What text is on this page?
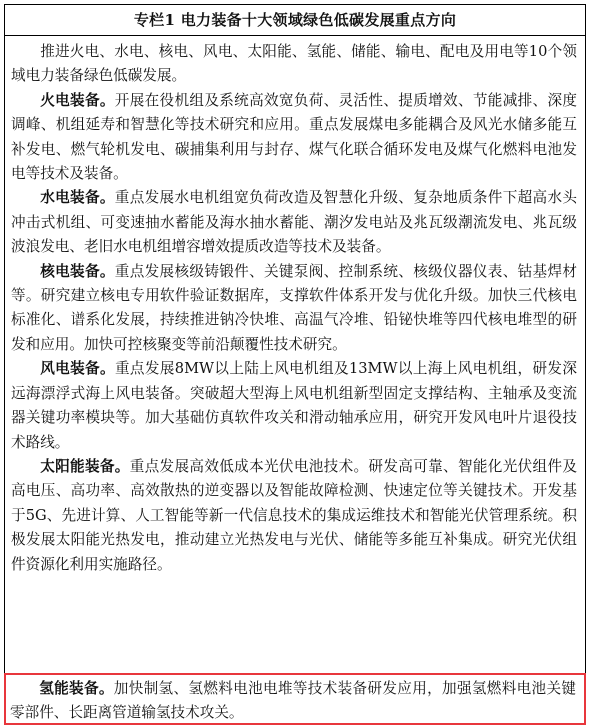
专栏1 电力装备十大领域绿色低碳发展重点方向

推进火电、水电、核电、风电、太阳能、氢能、储能、输电、配电及用电等10个领域电力装备绿色低碳发展。

火电装备。开展在役机组及系统高效宽负荷、灵活性、提质增效、节能减排、深度调峰、机组延寿和智慧化等技术研究和应用。重点发展煤电多能耦合及风光水储多能互补发电、燃气轮机发电、碳捕集利用与封存、煤气化联合循环发电及煤气化燃料电池发电等技术及装备。

水电装备。重点发展水电机组宽负荷改造及智慧化升级、复杂地质条件下超高水头冲击式机组、可变速抽水蓄能及海水抽水蓄能、潮汐发电站及兆瓦级潮流发电、兆瓦级波浪发电、老旧水电机组增容增效提质改造等技术及装备。

核电装备。重点发展核级铸锻件、关键泵阀、控制系统、核级仪器仪表、钴基焊材等。研究建立核电专用软件验证数据库，支撑软件体系开发与优化升级。加快三代核电标准化、谱系化发展，持续推进钠冷快堆、高温气冷堆、铅铋快堆等四代核电堆型的研发和应用。加快可控核聚变等前沿颠覆性技术研究。

风电装备。重点发展8MW以上陆上风电机组及13MW以上海上风电机组，研发深远海漂浮式海上风电装备。突破超大型海上风电机组新型固定支撑结构、主轴承及变流器关键功率模块等。加大基础仿真软件攻关和滑动轴承应用，研究开发风电叶片退役技术路线。

太阳能装备。重点发展高效低成本光伏电池技术。研发高可靠、智能化光伏组件及高电压、高功率、高效散热的逆变器以及智能故障检测、快速定位等关键技术。开发基于5G、先进计算、人工智能等新一代信息技术的集成运维技术和智能光伏管理系统。积极发展太阳能光热发电，推动建立光热发电与光伏、储能等多能互补集成。研究光伏组件资源化利用实施路径。

氢能装备。加快制氢、氢燃料电池电堆等技术装备研发应用，加强氢燃料电池关键零部件、长距离管道输氢技术攻关。
